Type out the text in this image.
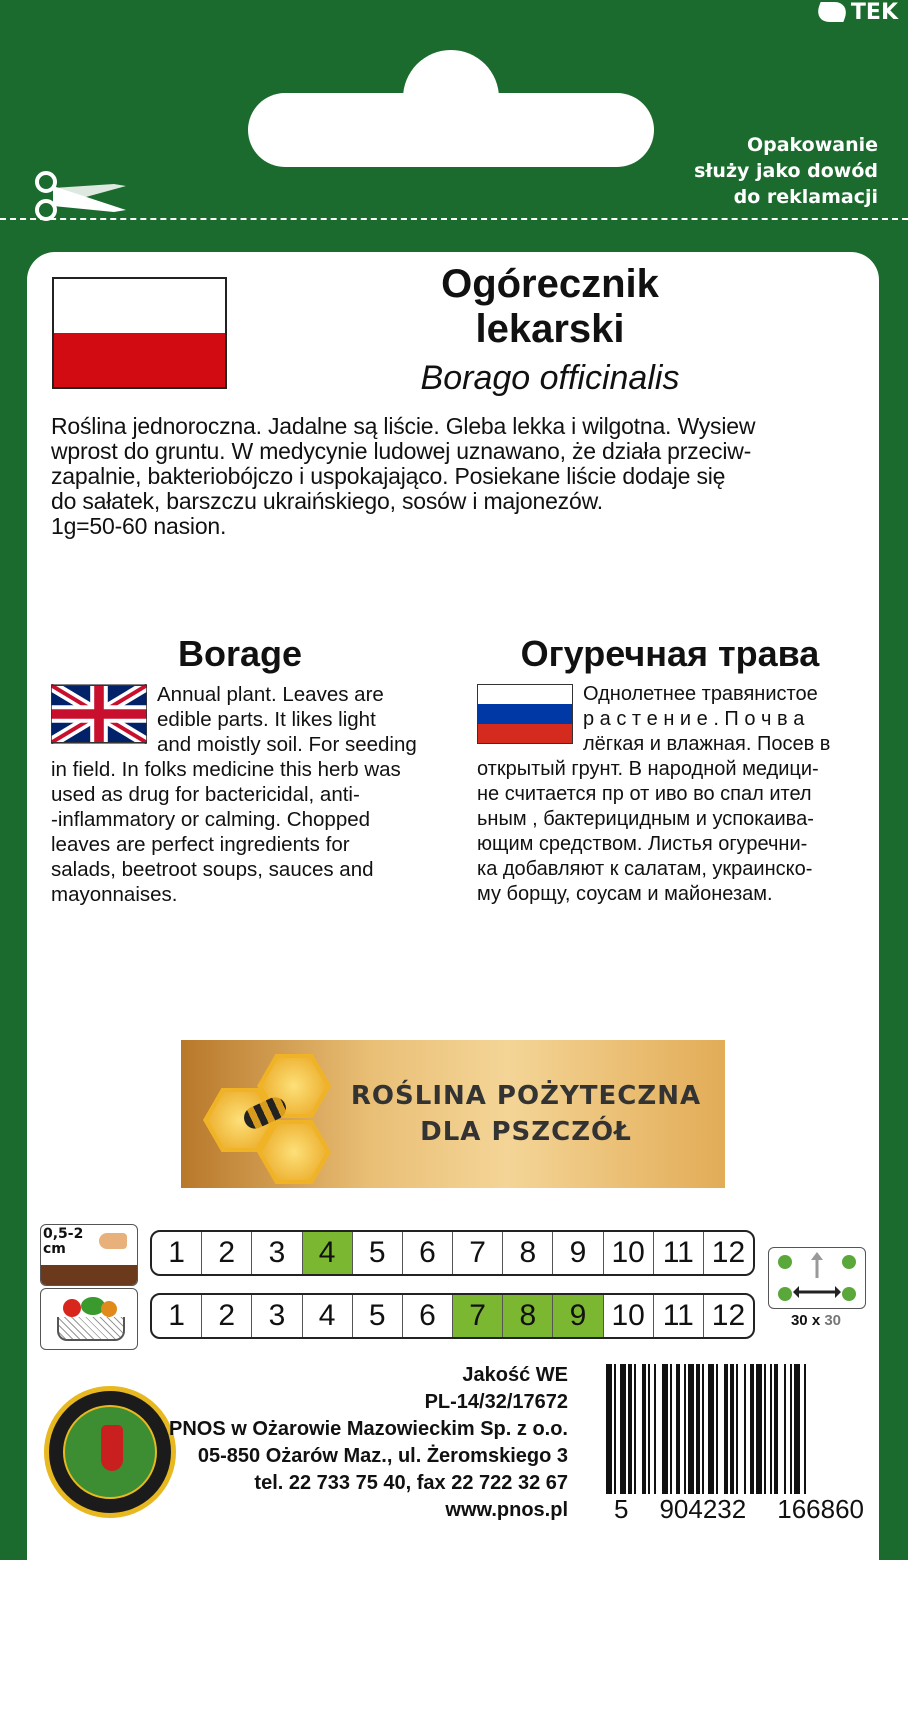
TEK
Opakowanie
służy jako dowód
do reklamacji
Ogórecznik
lekarski
Borago officinalis
Roślina jednoroczna. Jadalne są liście. Gleba lekka i wilgotna. Wysiew
wprost do gruntu. W medycynie ludowej uznawano, że działa przeciw-
zapalnie, bakteriobójczo i uspokajająco. Posiekane liście dodaje się
do sałatek, barszczu ukraińskiego, sosów i majonezów.
1g=50-60 nasion.
Borage	Огуречная трава
Annual plant. Leaves are
edible parts. It likes light
and moistly soil. For seeding
in field. In folks medicine this herb was
used as drug for bactericidal, anti-
-inflammatory or calming. Chopped
leaves are perfect ingredients for
salads, beetroot soups, sauces and
mayonnaises.
Однолетнее травянистое
р а с т е н и е . П о ч в а
лёгкая и влажная. Посев в
открытый грунт. В народной медици-
не считается пр от иво во спал ител
ьным , бактерицидным и успокаива-
ющим средством. Листья огуречни-
ка добавляют к салатам, украинско-
му борщу, соусам и майонезам.
ROŚLINA POŻYTECZNA
DLA PSZCZÓŁ
0,5-2
cm	1	2	3	4	5	6	7	8	9 10 11 12
1	2	3	4	5	6	7	8	9 10 11 12	30 x 30
Jakość WE
PL-14/32/17672
PNOS w Ożarowie Mazowieckim Sp. z o.o.
05-850 Ożarów Maz., ul. Żeromskiego 3
tel. 22 733 75 40, fax 22 722 32 67
www.pnos.pl 5 904232 166860
